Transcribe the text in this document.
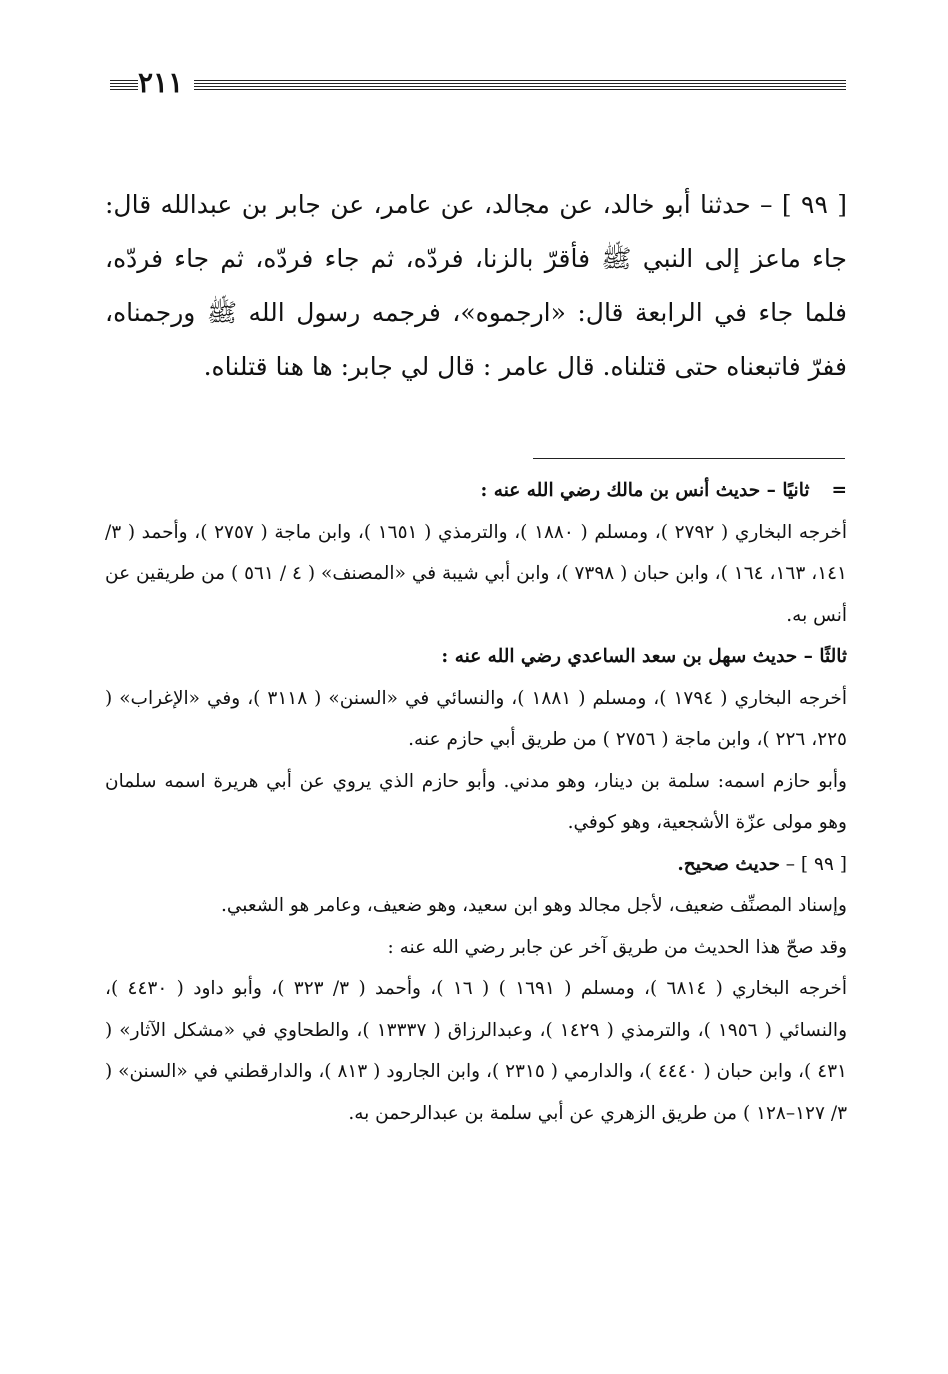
٢١١
[ ٩٩ ] – حدثنا أبو خالد، عن مجالد، عن عامر، عن جابر بن عبدالله قال: جاء ماعز إلى النبي ﷺ فأقرّ بالزنا، فردّه، ثم جاء فردّه، ثم جاء فردّه، فلما جاء في الرابعة قال: «ارجموه»، فرجمه رسول الله ﷺ ورجمناه، ففرّ فاتبعناه حتى قتلناه. قال عامر : قال لي جابر: ها هنا قتلناه.

=ثانيًا – حديث أنس بن مالك رضي الله عنه :

أخرجه البخاري ( ٢٧٩٢ )، ومسلم ( ١٨٨٠ )، والترمذي ( ١٦٥١ )، وابن ماجة ( ٢٧٥٧ )، وأحمد ( ٣/ ١٤١، ١٦٣، ١٦٤ )، وابن حبان ( ٧٣٩٨ )، وابن أبي شيبة في «المصنف» ( ٤ / ٥٦١ ) من طريقين عن أنس به.

ثالثًا – حديث سهل بن سعد الساعدي رضي الله عنه :

أخرجه البخاري ( ١٧٩٤ )، ومسلم ( ١٨٨١ )، والنسائي في «السنن» ( ٣١١٨ )، وفي «الإغراب» ( ٢٢٥، ٢٢٦ )، وابن ماجة ( ٢٧٥٦ ) من طريق أبي حازم عنه.

وأبو حازم اسمه: سلمة بن دينار، وهو مدني. وأبو حازم الذي يروي عن أبي هريرة اسمه سلمان وهو مولى عزّة الأشجعية، وهو كوفي.

[ ٩٩ ] – حديث صحيح.

وإسناد المصنِّف ضعيف، لأجل مجالد وهو ابن سعيد، وهو ضعيف، وعامر هو الشعبي.

وقد صحّ هذا الحديث من طريق آخر عن جابر رضي الله عنه :

أخرجه البخاري ( ٦٨١٤ )، ومسلم ( ١٦٩١ ) ( ١٦ )، وأحمد ( ٣/ ٣٢٣ )، وأبو داود ( ٤٤٣٠ )، والنسائي ( ١٩٥٦ )، والترمذي ( ١٤٢٩ )، وعبدالرزاق ( ١٣٣٣٧ )، والطحاوي في «مشكل الآثار» ( ٤٣١ )، وابن حبان ( ٤٤٤٠ )، والدارمي ( ٢٣١٥ )، وابن الجارود ( ٨١٣ )، والدارقطني في «السنن» ( ٣/ ١٢٧–١٢٨ ) من طريق الزهري عن أبي سلمة بن عبدالرحمن به.
